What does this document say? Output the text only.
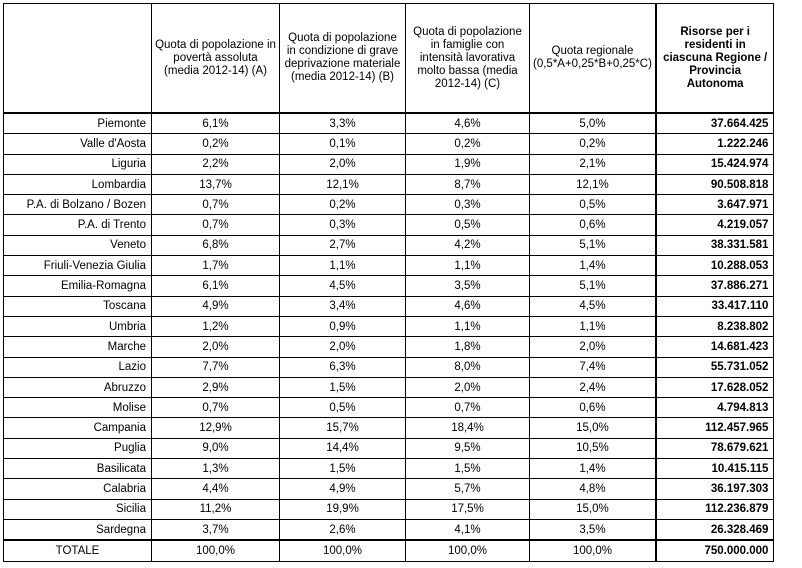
	Quota di popolazione in povertà assoluta (media 2012-14) (A)	Quota di popolazione in condizione di grave deprivazione materiale (media 2012-14) (B)	Quota di popolazione in famiglie con intensità lavorativa molto bassa (media 2012-14) (C)	Quota regionale (0,5*A+0,25*B+0,25*C)	Risorse per i residenti in ciascuna Regione / Provincia Autonoma
Piemonte	6,1%	3,3%	4,6%	5,0%	37.664.425
Valle d'Aosta	0,2%	0,1%	0,2%	0,2%	1.222.246
Liguria	2,2%	2,0%	1,9%	2,1%	15.424.974
Lombardia	13,7%	12,1%	8,7%	12,1%	90.508.818
P.A. di Bolzano / Bozen	0,7%	0,2%	0,3%	0,5%	3.647.971
P.A. di Trento	0,7%	0,3%	0,5%	0,6%	4.219.057
Veneto	6,8%	2,7%	4,2%	5,1%	38.331.581
Friuli-Venezia Giulia	1,7%	1,1%	1,1%	1,4%	10.288.053
Emilia-Romagna	6,1%	4,5%	3,5%	5,1%	37.886.271
Toscana	4,9%	3,4%	4,6%	4,5%	33.417.110
Umbria	1,2%	0,9%	1,1%	1,1%	8.238.802
Marche	2,0%	2,0%	1,8%	2,0%	14.681.423
Lazio	7,7%	6,3%	8,0%	7,4%	55.731.052
Abruzzo	2,9%	1,5%	2,0%	2,4%	17.628.052
Molise	0,7%	0,5%	0,7%	0,6%	4.794.813
Campania	12,9%	15,7%	18,4%	15,0%	112.457.965
Puglia	9,0%	14,4%	9,5%	10,5%	78.679.621
Basilicata	1,3%	1,5%	1,5%	1,4%	10.415.115
Calabria	4,4%	4,9%	5,7%	4,8%	36.197.303
Sicilia	11,2%	19,9%	17,5%	15,0%	112.236.879
Sardegna	3,7%	2,6%	4,1%	3,5%	26.328.469
TOTALE	100,0%	100,0%	100,0%	100,0%	750.000.000
